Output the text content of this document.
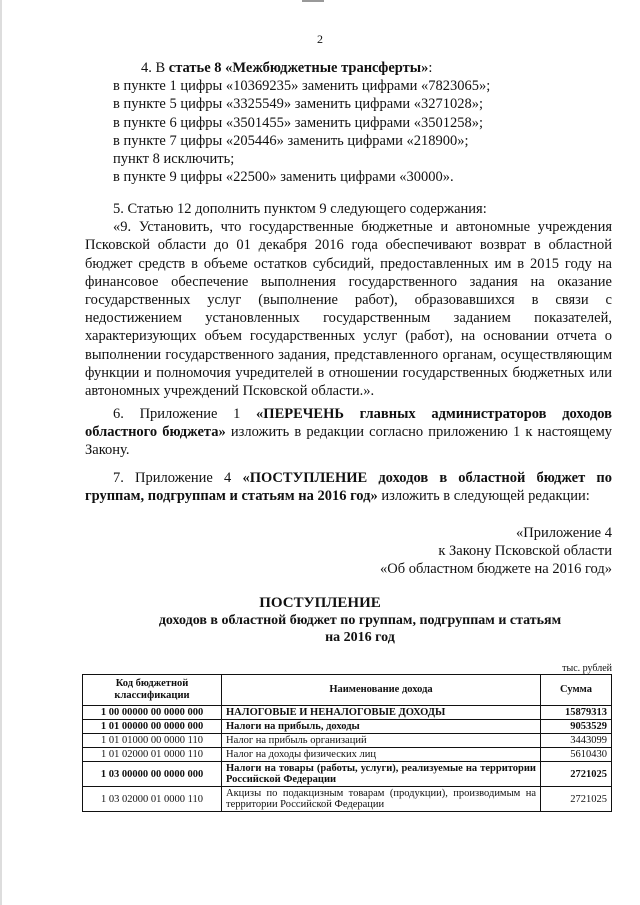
2

4. В статье 8 «Межбюджетные трансферты»:

в пункте 1 цифры «10369235» заменить цифрами «7823065»;

в пункте 5 цифры «3325549» заменить цифрами «3271028»;

в пункте 6 цифры «3501455» заменить цифрами «3501258»;

в пункте 7 цифры «205446» заменить цифрами «218900»;

пункт 8 исключить;

в пункте 9 цифры «22500» заменить цифрами «30000».

5. Статью 12 дополнить пунктом 9 следующего содержания:

«9. Установить, что государственные бюджетные и автономные учреждения Псковской области до 01 декабря 2016 года обеспечивают возврат в областной бюджет средств в объеме остатков субсидий, предоставленных им в 2015 году на финансовое обеспечение выполнения государственного задания на оказание государственных услуг (выполнение работ), образовавшихся в связи с недостижением установленных государственным заданием показателей, характеризующих объем государственных услуг (работ), на основании отчета о выполнении государственного задания, представленного органам, осуществляющим функции и полномочия учредителей в отношении государственных бюджетных или автономных учреждений Псковской области.».

6. Приложение 1 «ПЕРЕЧЕНЬ главных администраторов доходов областного бюджета» изложить в редакции согласно приложению 1 к настоящему Закону.

7. Приложение 4 «ПОСТУПЛЕНИЕ доходов в областной бюджет по группам, подгруппам и статьям на 2016 год» изложить в следующей редакции:

«Приложение 4

к Закону Псковской области

«Об областном бюджете на 2016 год»

ПОСТУПЛЕНИЕ
доходов в областной бюджет по группам, подгруппам и статьям
на 2016 год
тыс. рублей
Код бюджетной классификации	Наименование дохода	Сумма
1 00 00000 00 0000 000	НАЛОГОВЫЕ И НЕНАЛОГОВЫЕ ДОХОДЫ	15879313
1 01 00000 00 0000 000	Налоги на прибыль, доходы	9053529
1 01 01000 00 0000 110	Налог на прибыль организаций	3443099
1 01 02000 01 0000 110	Налог на доходы физических лиц	5610430
1 03 00000 00 0000 000	Налоги на товары (работы, услуги), реализуемые на территории Российской Федерации	2721025
1 03 02000 01 0000 110	Акцизы по подакцизным товарам (продукции), производимым на территории Российской Федерации	2721025
